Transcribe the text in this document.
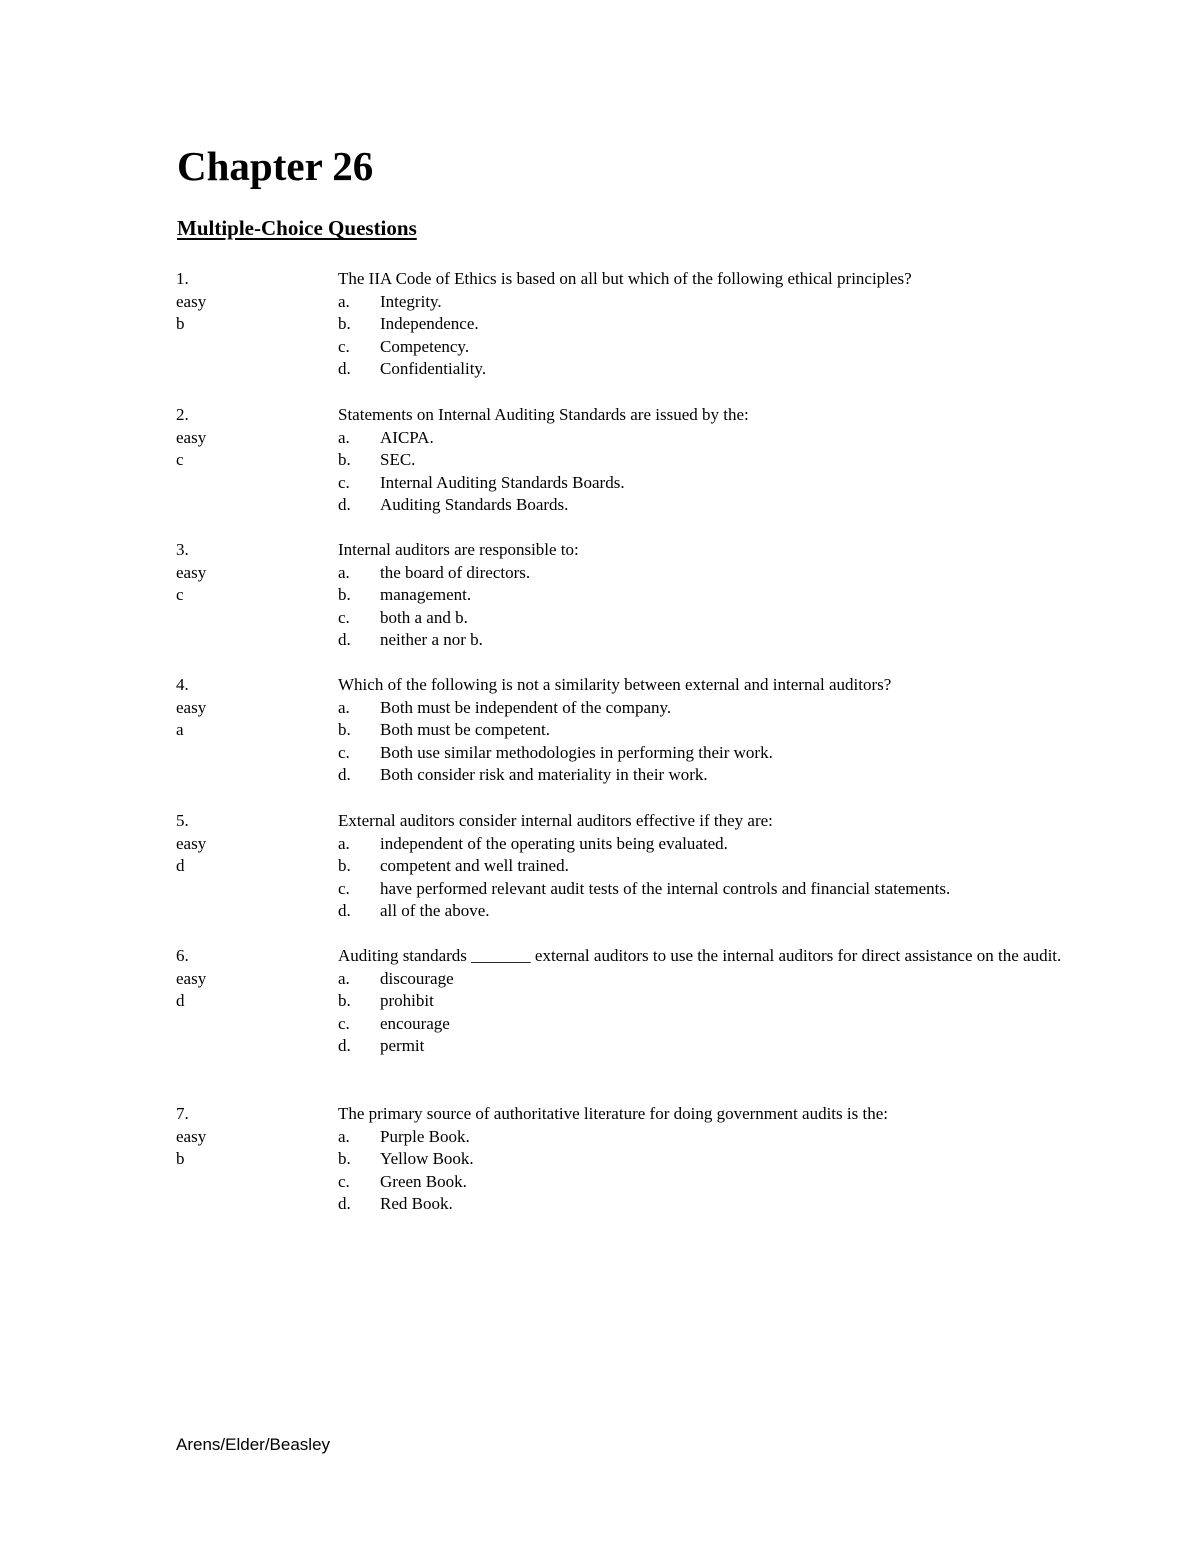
Chapter 26
Multiple-Choice Questions
1.
easy
b
The IIA Code of Ethics is based on all but which of the following ethical principles?
a. Integrity.
b. Independence.
c. Competency.
d. Confidentiality.
2.
easy
c
Statements on Internal Auditing Standards are issued by the:
a. AICPA.
b. SEC.
c. Internal Auditing Standards Boards.
d. Auditing Standards Boards.
3.
easy
c
Internal auditors are responsible to:
a. the board of directors.
b. management.
c. both a and b.
d. neither a nor b.
4.
easy
a
Which of the following is not a similarity between external and internal auditors?
a. Both must be independent of the company.
b. Both must be competent.
c. Both use similar methodologies in performing their work.
d. Both consider risk and materiality in their work.
5.
easy
d
External auditors consider internal auditors effective if they are:
a. independent of the operating units being evaluated.
b. competent and well trained.
c. have performed relevant audit tests of the internal controls and financial statements.
d. all of the above.
6.
easy
d
Auditing standards _______ external auditors to use the internal auditors for direct assistance on the audit.
a. discourage
b. prohibit
c. encourage
d. permit
7.
easy
b
The primary source of authoritative literature for doing government audits is the:
a. Purple Book.
b. Yellow Book.
c. Green Book.
d. Red Book.
Arens/Elder/Beasley
